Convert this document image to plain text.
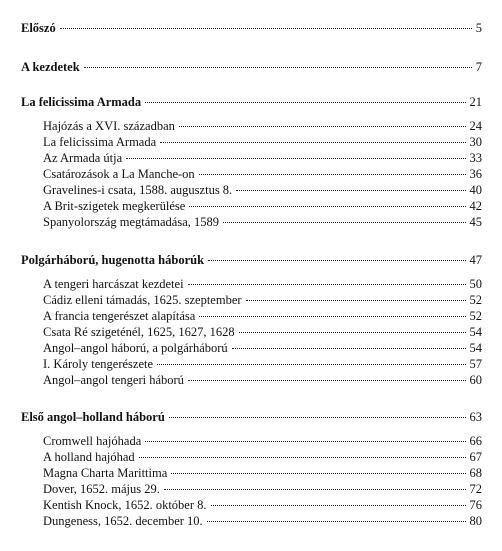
Előszó	5
A kezdetek	7
La felicissima Armada	21
Hajózás a XVI. században	24
La felicissima Armada	30
Az Armada útja	33
Csatározások a La Manche-on	36
Gravelines-i csata, 1588. augusztus 8.	40
A Brit-szigetek megkerülése	42
Spanyolország megtámadása, 1589	45
Polgárháború, hugenotta háborúk	47
A tengeri harcászat kezdetei	50
Cádiz elleni támadás, 1625. szeptember	52
A francia tengerészet alapítása	52
Csata Ré szigeténél, 1625, 1627, 1628	54
Angol–angol háború, a polgárháború	54
I. Károly tengerészete	57
Angol–angol tengeri háború	60
Első angol–holland háború	63
Cromwell hajóhada	66
A holland hajóhad	67
Magna Charta Marittima	68
Dover, 1652. május 29.	72
Kentish Knock, 1652. október 8.	76
Dungeness, 1652. december 10.	80
